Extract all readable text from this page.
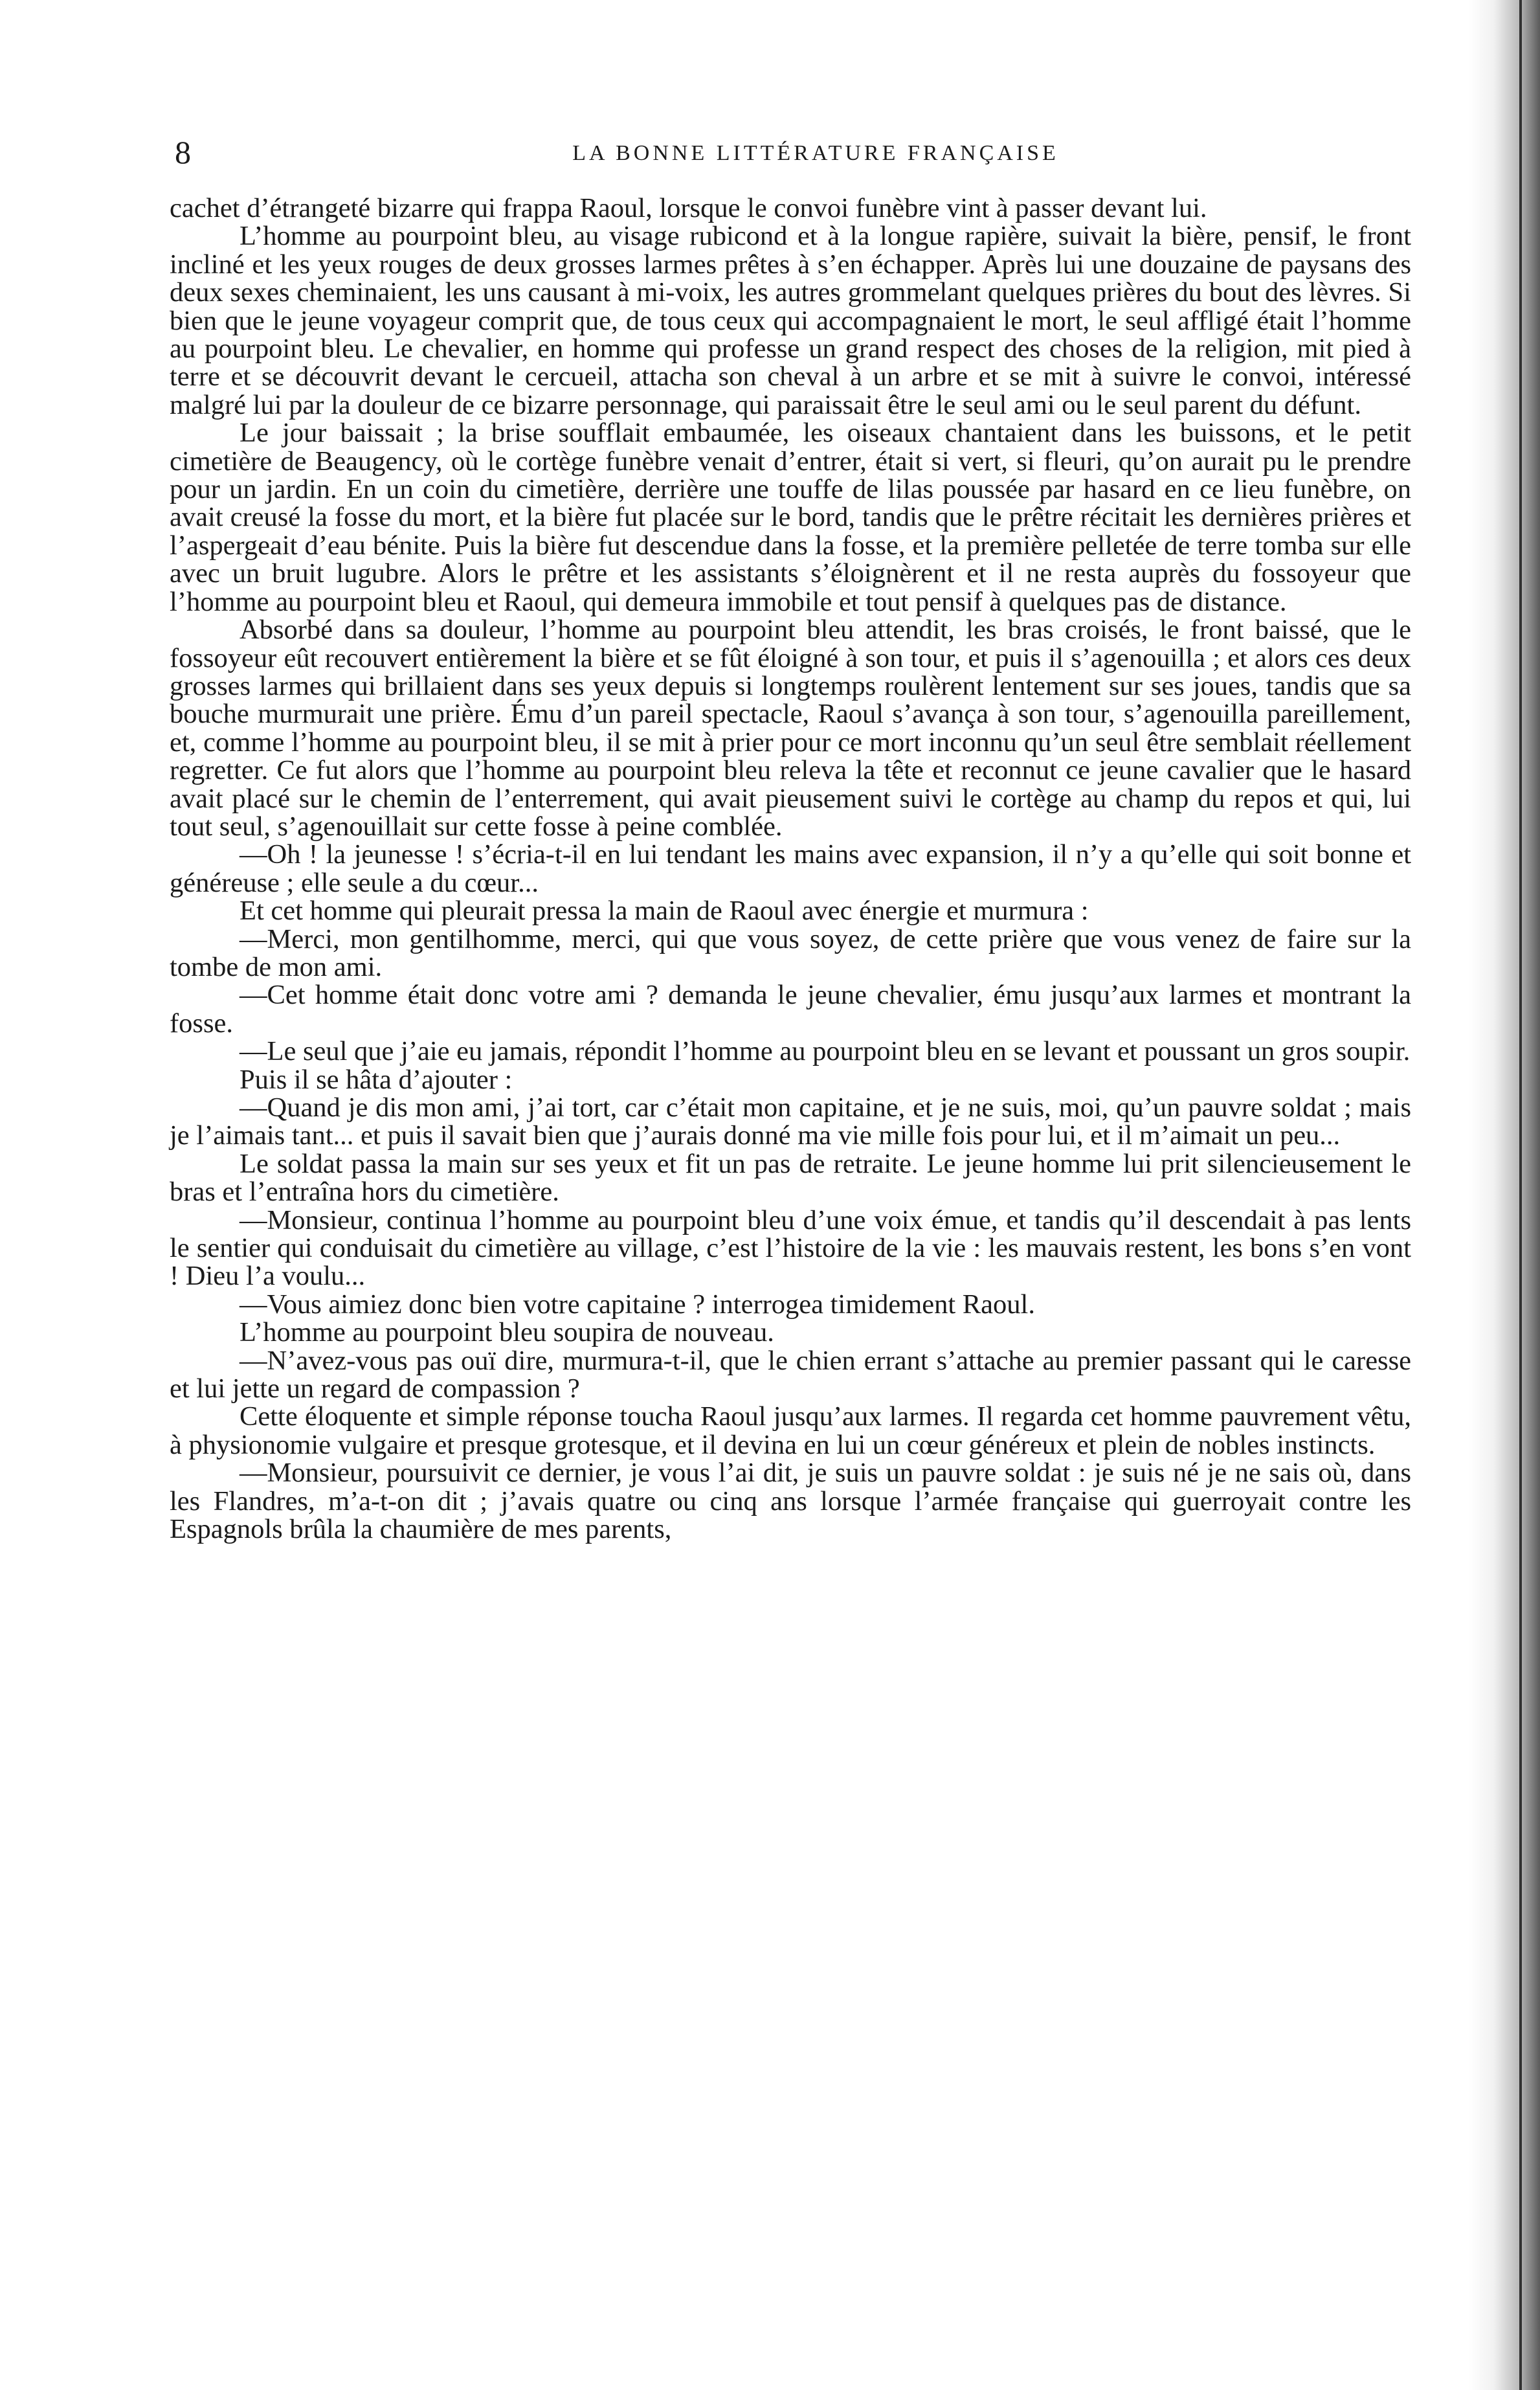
8	LA BONNE LITTÉRATURE FRANÇAISE

cachet d’étrangeté bizarre qui frappa Raoul, lorsque le convoi funèbre vint à passer devant lui.

L’homme au pourpoint bleu, au visage rubicond et à la longue rapière, suivait la bière, pensif, le front incliné et les yeux rouges de deux grosses larmes prêtes à s’en échapper. Après lui une douzaine de paysans des deux sexes cheminaient, les uns causant à mi-voix, les autres grommelant quelques prières du bout des lèvres. Si bien que le jeune voyageur comprit que, de tous ceux qui accompagnaient le mort, le seul affligé était l’homme au pourpoint bleu. Le chevalier, en homme qui professe un grand respect des choses de la religion, mit pied à terre et se découvrit devant le cercueil, attacha son cheval à un arbre et se mit à suivre le convoi, intéressé malgré lui par la douleur de ce bizarre personnage, qui paraissait être le seul ami ou le seul parent du défunt.

Le jour baissait ; la brise soufflait embaumée, les oiseaux chantaient dans les buissons, et le petit cimetière de Beaugency, où le cortège funèbre venait d’entrer, était si vert, si fleuri, qu’on aurait pu le prendre pour un jardin. En un coin du cimetière, derrière une touffe de lilas poussée par hasard en ce lieu funèbre, on avait creusé la fosse du mort, et la bière fut placée sur le bord, tandis que le prêtre récitait les dernières prières et l’aspergeait d’eau bénite. Puis la bière fut descendue dans la fosse, et la première pelletée de terre tomba sur elle avec un bruit lugubre. Alors le prêtre et les assistants s’éloignèrent et il ne resta auprès du fossoyeur que l’homme au pourpoint bleu et Raoul, qui demeura immobile et tout pensif à quelques pas de distance.

Absorbé dans sa douleur, l’homme au pourpoint bleu attendit, les bras croisés, le front baissé, que le fossoyeur eût recouvert entièrement la bière et se fût éloigné à son tour, et puis il s’agenouilla ; et alors ces deux grosses larmes qui brillaient dans ses yeux depuis si longtemps roulèrent lentement sur ses joues, tandis que sa bouche murmurait une prière. Ému d’un pareil spectacle, Raoul s’avança à son tour, s’agenouilla pareillement, et, comme l’homme au pourpoint bleu, il se mit à prier pour ce mort inconnu qu’un seul être semblait réellement regretter. Ce fut alors que l’homme au pourpoint bleu releva la tête et reconnut ce jeune cavalier que le hasard avait placé sur le chemin de l’enterrement, qui avait pieusement suivi le cortège au champ du repos et qui, lui tout seul, s’agenouillait sur cette fosse à peine comblée.

—Oh ! la jeunesse ! s’écria-t-il en lui tendant les mains avec expansion, il n’y a qu’elle qui soit bonne et généreuse ; elle seule a du cœur...

Et cet homme qui pleurait pressa la main de Raoul avec énergie et murmura :

—Merci, mon gentilhomme, merci, qui que vous soyez, de cette prière que vous venez de faire sur la tombe de mon ami.

—Cet homme était donc votre ami ? demanda le jeune chevalier, ému jusqu’aux larmes et montrant la fosse.

—Le seul que j’aie eu jamais, répondit l’homme au pourpoint bleu en se levant et poussant un gros soupir.

Puis il se hâta d’ajouter :

—Quand je dis mon ami, j’ai tort, car c’était mon capitaine, et je ne suis, moi, qu’un pauvre soldat ; mais je l’aimais tant... et puis il savait bien que j’aurais donné ma vie mille fois pour lui, et il m’aimait un peu...

Le soldat passa la main sur ses yeux et fit un pas de retraite. Le jeune homme lui prit silencieusement le bras et l’entraîna hors du cimetière.

—Monsieur, continua l’homme au pourpoint bleu d’une voix émue, et tandis qu’il descendait à pas lents le sentier qui conduisait du cimetière au village, c’est l’histoire de la vie : les mauvais restent, les bons s’en vont ! Dieu l’a voulu...

—Vous aimiez donc bien votre capitaine ? interrogea timidement Raoul.

L’homme au pourpoint bleu soupira de nouveau.

—N’avez-vous pas ouï dire, murmura-t-il, que le chien errant s’attache au premier passant qui le caresse et lui jette un regard de compassion ?

Cette éloquente et simple réponse toucha Raoul jusqu’aux larmes. Il regarda cet homme pauvrement vêtu, à physionomie vulgaire et presque grotesque, et il devina en lui un cœur généreux et plein de nobles instincts.

—Monsieur, poursuivit ce dernier, je vous l’ai dit, je suis un pauvre soldat : je suis né je ne sais où, dans les Flandres, m’a-t-on dit ; j’avais quatre ou cinq ans lorsque l’armée française qui guerroyait contre les Espagnols brûla la chaumière de mes parents,
